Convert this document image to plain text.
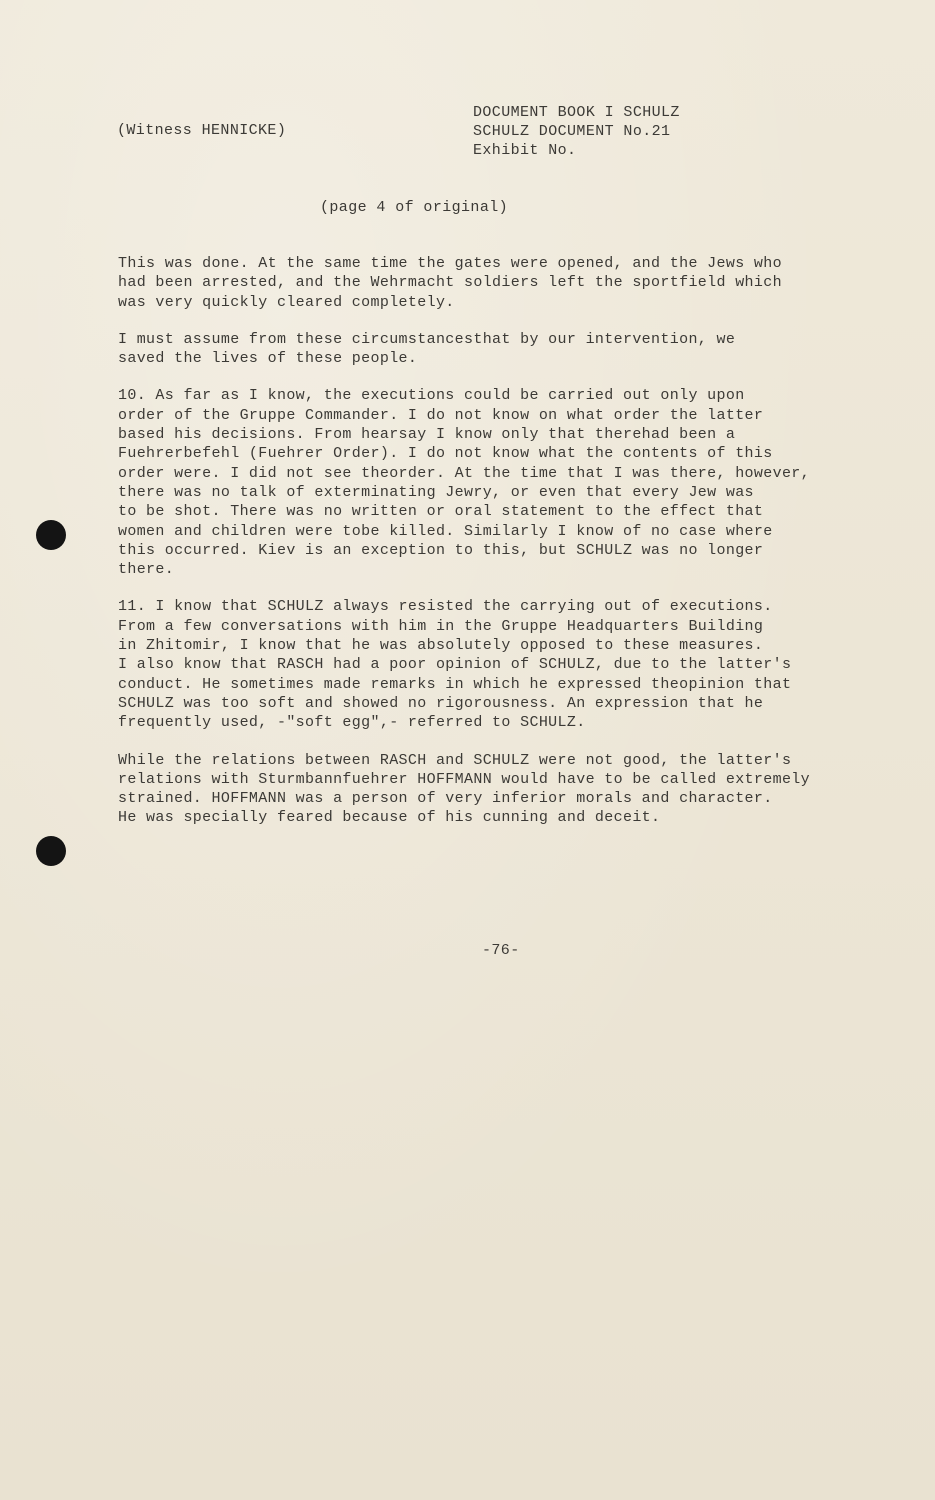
(Witness HENNICKE)
DOCUMENT BOOK I SCHULZ
SCHULZ DOCUMENT No.21
Exhibit No.
(page 4 of original)

This was done. At the same time the gates were opened, and the Jews who
had been arrested, and the Wehrmacht soldiers left the sportfield which
was very quickly cleared completely.

I must assume from these circumstancesthat by our intervention, we
saved the lives of these people.

10. As far as I know, the executions could be carried out only upon
order of the Gruppe Commander. I do not know on what order the latter
based his decisions. From hearsay I know only that therehad been a
Fuehrerbefehl (Fuehrer Order). I do not know what the contents of this
order were. I did not see theorder. At the time that I was there, however,
there was no talk of exterminating Jewry, or even that every Jew was
to be shot. There was no written or oral statement to the effect that
women and children were tobe killed. Similarly I know of no case where
this occurred. Kiev is an exception to this, but SCHULZ was no longer
there.

11. I know that SCHULZ always resisted the carrying out of executions.
From a few conversations with him in the Gruppe Headquarters Building
in Zhitomir, I know that he was absolutely opposed to these measures.
I also know that RASCH had a poor opinion of SCHULZ, due to the latter's
conduct. He sometimes made remarks in which he expressed theopinion that
SCHULZ was too soft and showed no rigorousness. An expression that he
frequently used, -"soft egg",- referred to SCHULZ.

While the relations between RASCH and SCHULZ were not good, the latter's
relations with Sturmbannfuehrer HOFFMANN would have to be called extremely
strained. HOFFMANN was a person of very inferior morals and character.
He was specially feared because of his cunning and deceit.

-76-
